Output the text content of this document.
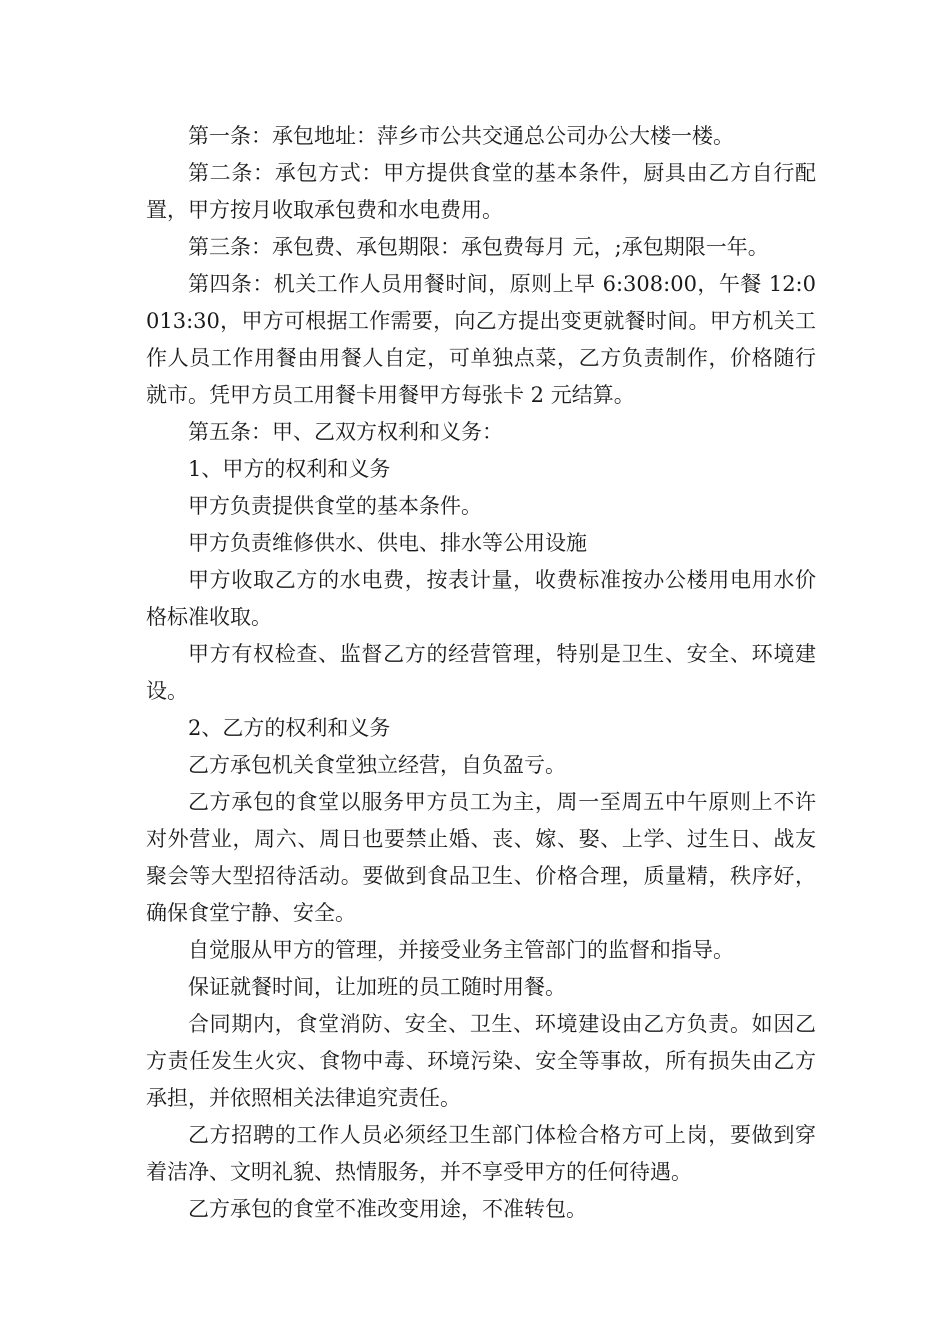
第一条：承包地址：萍乡市公共交通总公司办公大楼一楼。

第二条：承包方式：甲方提供食堂的基本条件，厨具由乙方自行配置，甲方按月收取承包费和水电费用。

第三条：承包费、承包期限：承包费每月 元，;承包期限一年。

第四条：机关工作人员用餐时间，原则上早 6:308:00，午餐 12:0013:30，甲方可根据工作需要，向乙方提出变更就餐时间。甲方机关工作人员工作用餐由用餐人自定，可单独点菜，乙方负责制作，价格随行就市。凭甲方员工用餐卡用餐甲方每张卡 2 元结算。

第五条：甲、乙双方权利和义务：

1、甲方的权利和义务

甲方负责提供食堂的基本条件。

甲方负责维修供水、供电、排水等公用设施

甲方收取乙方的水电费，按表计量，收费标准按办公楼用电用水价格标准收取。

甲方有权检查、监督乙方的经营管理，特别是卫生、安全、环境建设。

2、乙方的权利和义务

乙方承包机关食堂独立经营，自负盈亏。

乙方承包的食堂以服务甲方员工为主，周一至周五中午原则上不许对外营业，周六、周日也要禁止婚、丧、嫁、娶、上学、过生日、战友聚会等大型招待活动。要做到食品卫生、价格合理，质量精，秩序好，确保食堂宁静、安全。

自觉服从甲方的管理，并接受业务主管部门的监督和指导。

保证就餐时间，让加班的员工随时用餐。

合同期内，食堂消防、安全、卫生、环境建设由乙方负责。如因乙方责任发生火灾、食物中毒、环境污染、安全等事故，所有损失由乙方承担，并依照相关法律追究责任。

乙方招聘的工作人员必须经卫生部门体检合格方可上岗，要做到穿着洁净、文明礼貌、热情服务，并不享受甲方的任何待遇。

乙方承包的食堂不准改变用途，不准转包。
